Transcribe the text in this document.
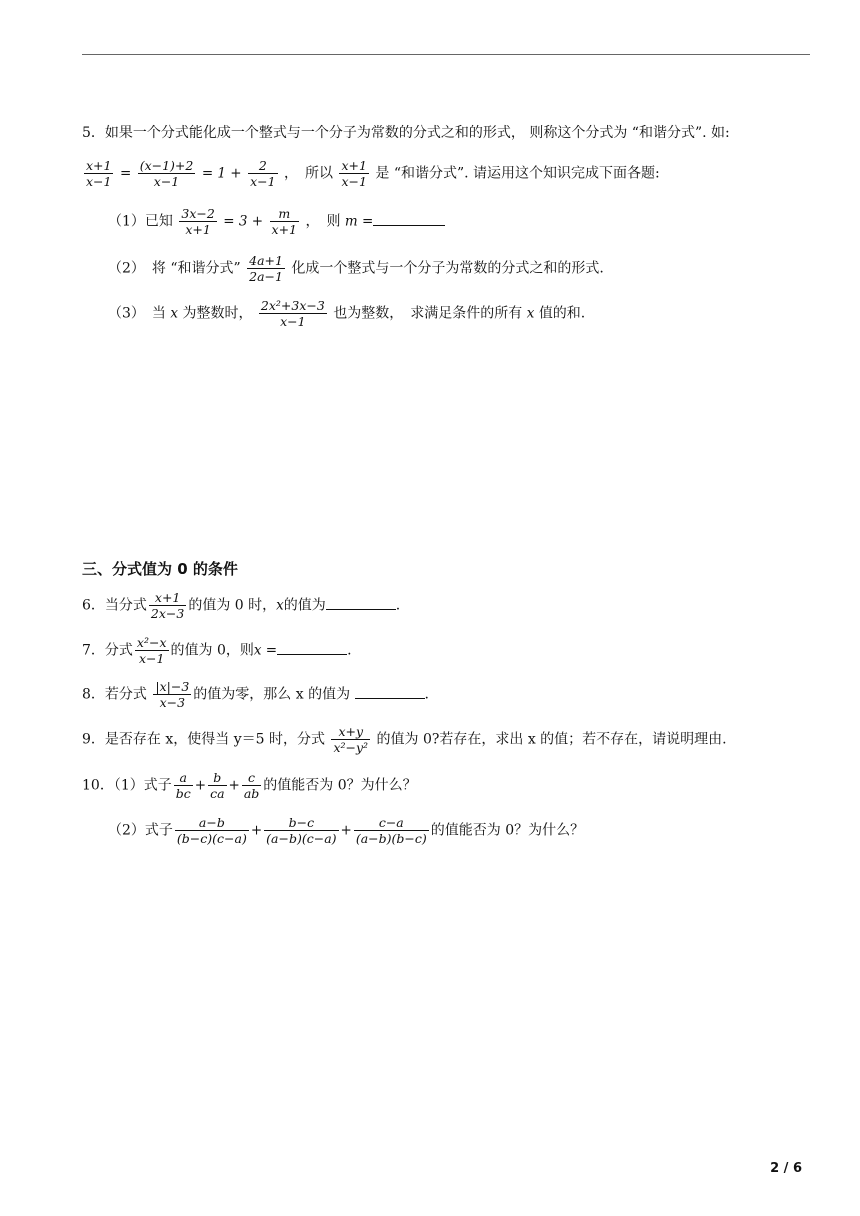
5．如果一个分式能化成一个整式与一个分子为常数的分式之和的形式， 则称这个分式为 “和谐分式”. 如:
$\frac{x+1}{x-1} = \frac{(x-1)+2}{x-1} = 1 + \frac{2}{x-1}$ ，　所以 $\frac{x+1}{x-1}$ 是 “和谐分式”. 请运用这个知识完成下面各题:
（1）已知 $\frac{3x-2}{x+1} = 3 + \frac{m}{x+1}$ ，　则 m =
（2）　将 “和谐分式” $\frac{4a+1}{2a-1}$ 化成一个整式与一个分子为常数的分式之和的形式.
（3）　当 x 为整数时， $\frac{\text{2x²+3x−3}}{x-1}$ 也为整数，　求满足条件的所有 x 值的和.
三、分式值为 0 的条件
6．当分式 $\frac{x+1}{2x-3}$ 的值为 0 时，x的值为	.
7．分式 $\frac{\text{x²−x}}{x-1}$ 的值为 0，则x =	.
8．若分式 $\frac{|x|-3}{x-3}$ 的值为零，那么 x 的值为	.
9．是否存在 x，使得当 y＝5 时，分式 $\frac{x+y}{\text{x²−y²}}$ 的值为 0?若存在，求出 x 的值；若不存在，请说明理由.
10．（1）式子 $\frac{a}{bc} + \frac{b}{ca} + \frac{c}{ab}$ 的值能否为 0？为什么？
（2）式子 $\frac{a-b}{(b-c)(c-a)} + \frac{b-c}{(a-b)(c-a)} + \frac{c-a}{(a-b)(b-c)}$ 的值能否为 0？为什么？
2 / 6
